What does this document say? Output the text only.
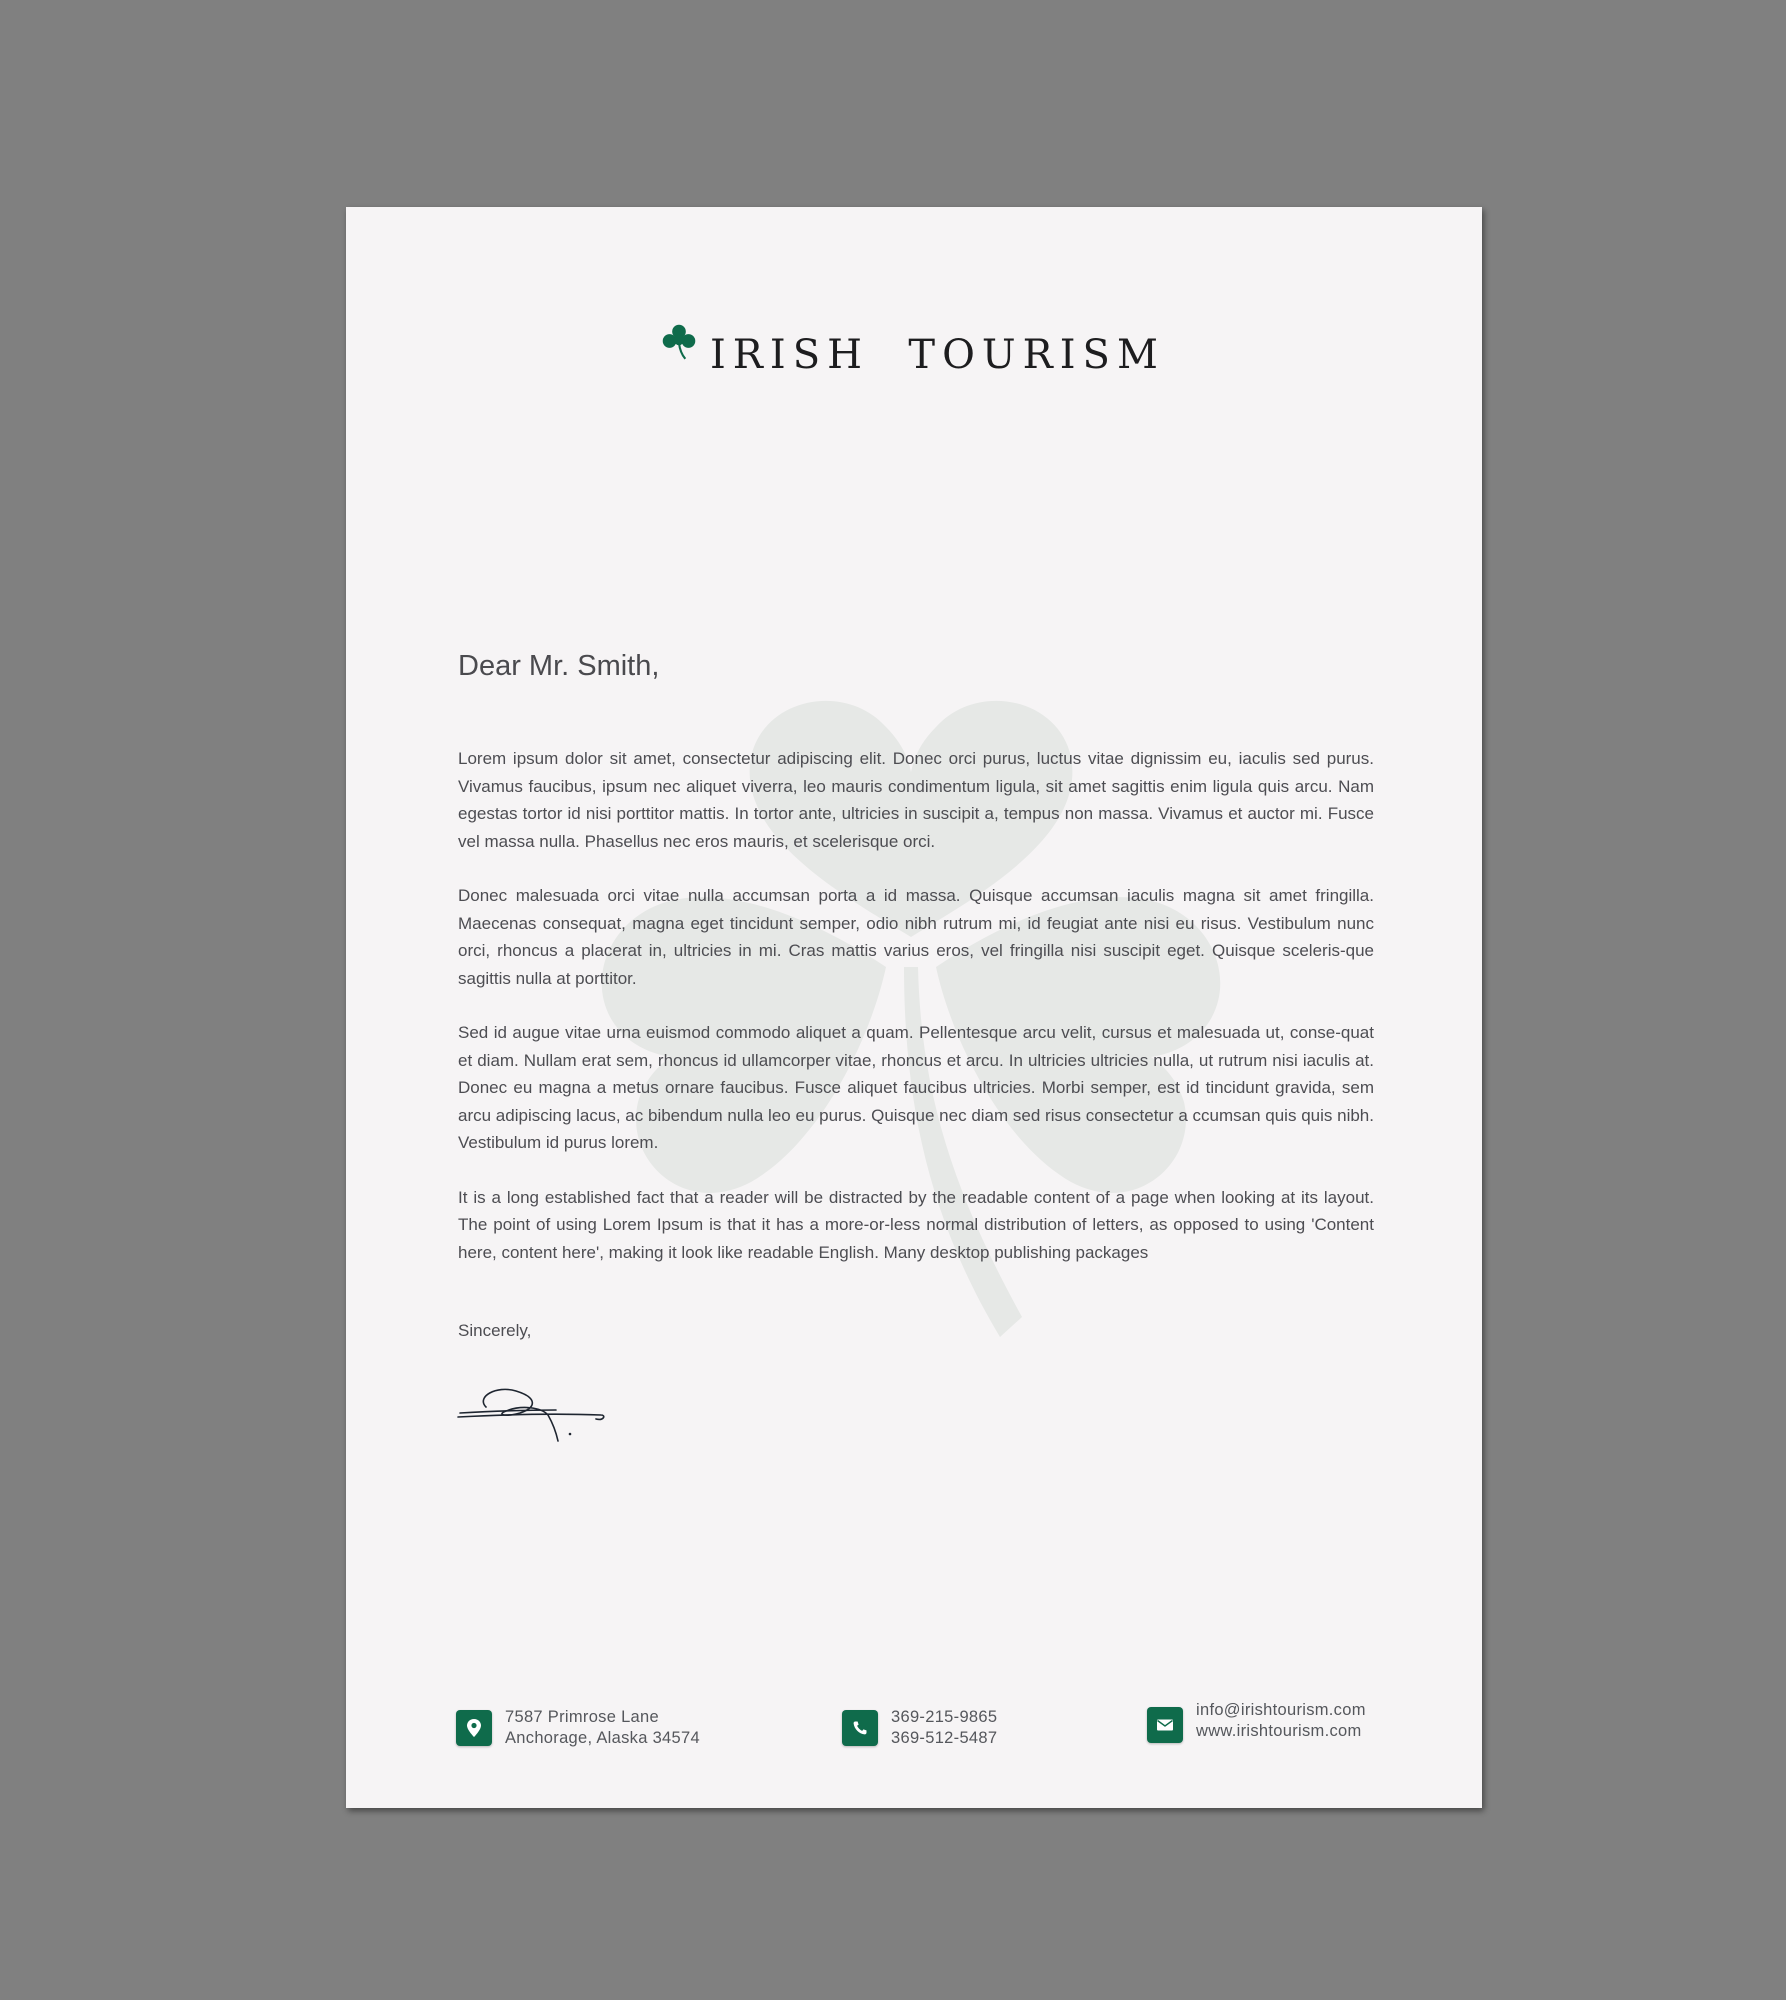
IRISH  TOURISM
Dear Mr. Smith,

Lorem ipsum dolor sit amet, consectetur adipiscing elit. Donec orci purus, luctus vitae dignissim eu, iaculis sed purus. Vivamus faucibus, ipsum nec aliquet viverra, leo mauris condimentum ligula, sit amet sagittis enim ligula quis arcu. Nam egestas tortor id nisi porttitor mattis. In tortor ante, ultricies in suscipit a, tempus non massa. Vivamus et auctor mi. Fusce vel massa nulla. Phasellus nec eros mauris, et scelerisque orci.

Donec malesuada orci vitae nulla accumsan porta a id massa. Quisque accumsan iaculis magna sit amet fringilla. Maecenas consequat, magna eget tincidunt semper, odio nibh rutrum mi, id feugiat ante nisi eu risus. Vestibulum nunc orci, rhoncus a placerat in, ultricies in mi. Cras mattis varius eros, vel fringilla nisi suscipit eget. Quisque sceleris-que sagittis nulla at porttitor.

Sed id augue vitae urna euismod commodo aliquet a quam. Pellentesque arcu velit, cursus et malesuada ut, conse-quat et diam. Nullam erat sem, rhoncus id ullamcorper vitae, rhoncus et arcu. In ultricies ultricies nulla, ut rutrum nisi iaculis at. Donec eu magna a metus ornare faucibus. Fusce aliquet faucibus ultricies. Morbi semper, est id tincidunt gravida, sem arcu adipiscing lacus, ac bibendum nulla leo eu purus. Quisque nec diam sed risus consectetur a ccumsan quis quis nibh. Vestibulum id purus lorem.

It is a long established fact that a reader will be distracted by the readable content of a page when looking at its layout. The point of using Lorem Ipsum is that it has a more-or-less normal distribution of letters, as opposed to using 'Content here, content here', making it look like readable English. Many desktop publishing packages

Sincerely,
7587 Primrose Lane
Anchorage, Alaska 34574
369-215-9865
369-512-5487
info@irishtourism.com
www.irishtourism.com
